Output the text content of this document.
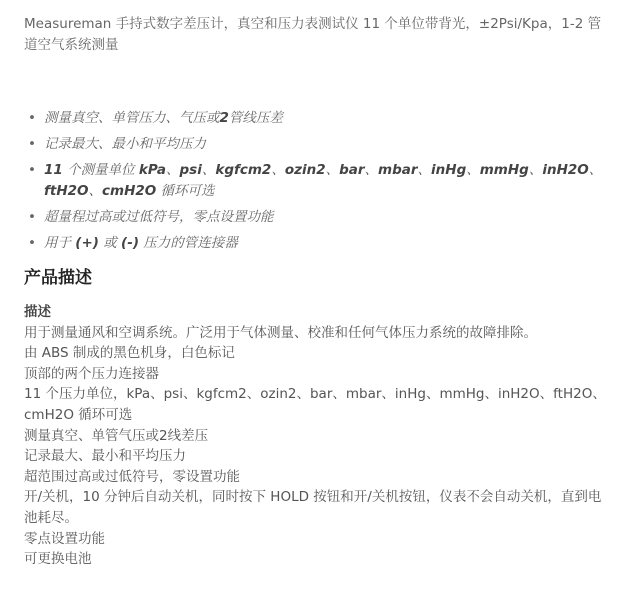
Measureman 手持式数字差压计，真空和压力表测试仪 11 个单位带背光，±2Psi/Kpa，1-2 管道空气系统测量

• 测量真空、单管压力、气压或2管线压差
• 记录最大、最小和平均压力
• 11 个测量单位 kPa、psi、kgfcm2、ozin2、bar、mbar、inHg、mmHg、inH2O、ftH2O、cmH2O 循环可选
• 超量程过高或过低符号，零点设置功能
• 用于 (+) 或 (-) 压力的管连接器
产品描述
描述
用于测量通风和空调系统。广泛用于气体测量、校准和任何气体压力系统的故障排除。
由 ABS 制成的黑色机身，白色标记
顶部的两个压力连接器
11 个压力单位，kPa、psi、kgfcm2、ozin2、bar、mbar、inHg、mmHg、inH2O、ftH2O、cmH2O 循环可选
测量真空、单管气压或2线差压
记录最大、最小和平均压力
超范围过高或过低符号，零设置功能
开/关机，10 分钟后自动关机，同时按下 HOLD 按钮和开/关机按钮，仪表不会自动关机，直到电池耗尽。
零点设置功能
可更换电池
